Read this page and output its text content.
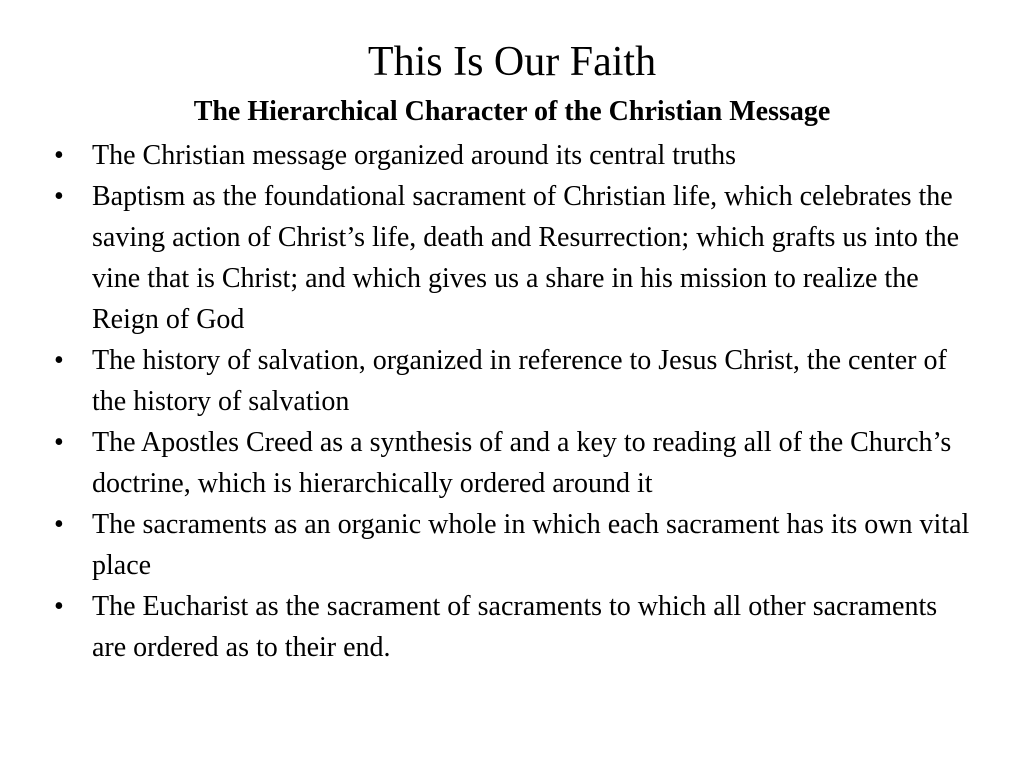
This Is Our Faith
The Hierarchical Character of the Christian Message
•	The Christian message organized around its central truths
•	Baptism as the foundational sacrament of Christian life, which celebrates the saving action of Christ’s life, death and Resurrection; which grafts us into the vine that is Christ; and which gives us a share in his mission to realize the Reign of God
•	The history of salvation, organized in reference to Jesus Christ, the center of the history of salvation
•	The Apostles Creed as a synthesis of and a key to reading all of the Church’s doctrine, which is hierarchically ordered around it
•	The sacraments as an organic whole in which each sacrament has its own vital place
•	The Eucharist as the sacrament of sacraments to which all other sacraments are ordered as to their end.
